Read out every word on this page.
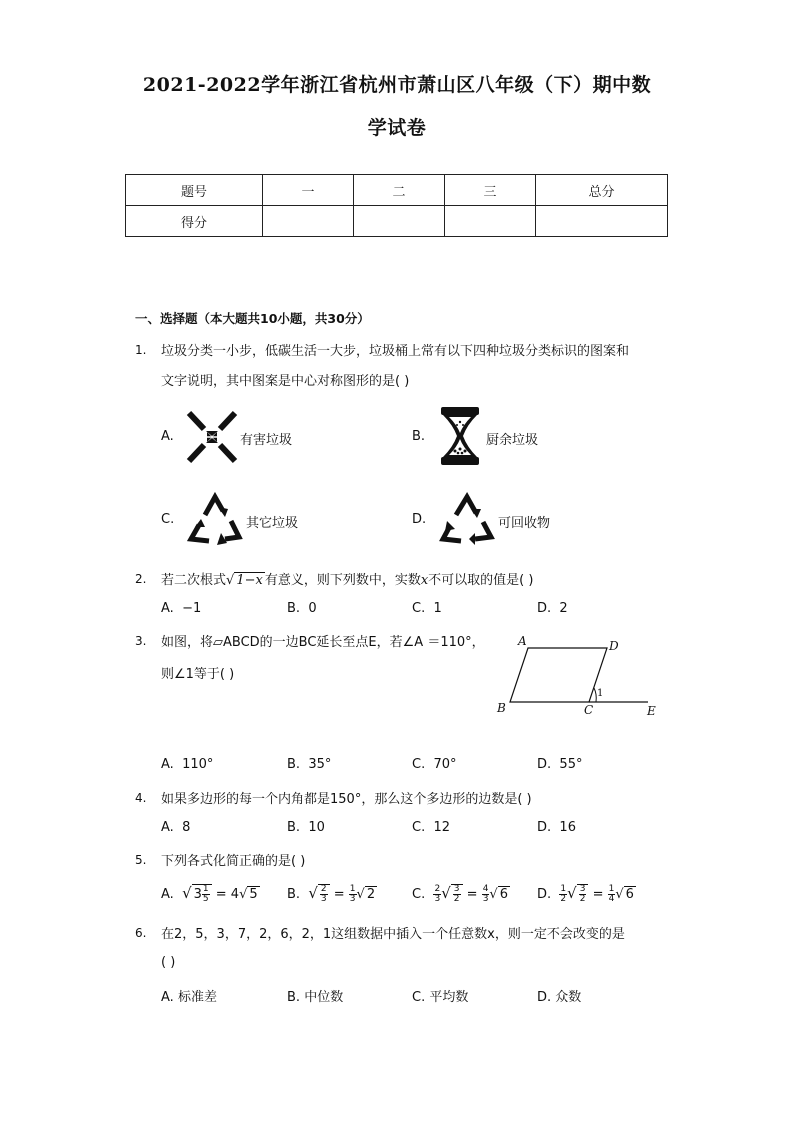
2021-2022学年浙江省杭州市萧山区八年级（下）期中数
学试卷
题号	一	二	三	总分
得分				
一、选择题（本大题共10小题，共30分）
1. 垃圾分类一小步，低碳生活一大步，垃圾桶上常有以下四种垃圾分类标识的图案和
文字说明，其中图案是中心对称图形的是( )
A.	有害垃圾	B.	厨余垃圾
C.	其它垃圾	D.	可回收物
2. 若二次根式√ 1−x 有意义，则下列数中，实数x不可以取的值是( )
A. −1	B. 0	C. 1	D. 2
3. 如图，将▱ABCD的一边BC延长至点E，若∠A ＝110°，
则∠1等于( )
A	D
B	C	E
1
A. 110°	B. 35°	C. 70°	D. 55°
4. 如果多边形的每一个内角都是150°，那么这个多边形的边数是( )
A. 8	B. 10	C. 12	D. 16
5. 下列各式化简正确的是( )
A. √ $3 \frac{1}{5} = 4√$ 5 B. √ $\frac{2}{3} = \frac{1}{3}$ √ 2	C. $\frac{2}{3}$ √ $\frac{3}{2} = \frac{4}{3}$ √ 6 D. $\frac{1}{2}$ √ $\frac{3}{2} = \frac{1}{4}$ √ 6
6. 在2，5，3，7，2，6，2，1这组数据中插入一个任意数x，则一定不会改变的是
( )
A. 标准差	B. 中位数	C. 平均数	D. 众数
